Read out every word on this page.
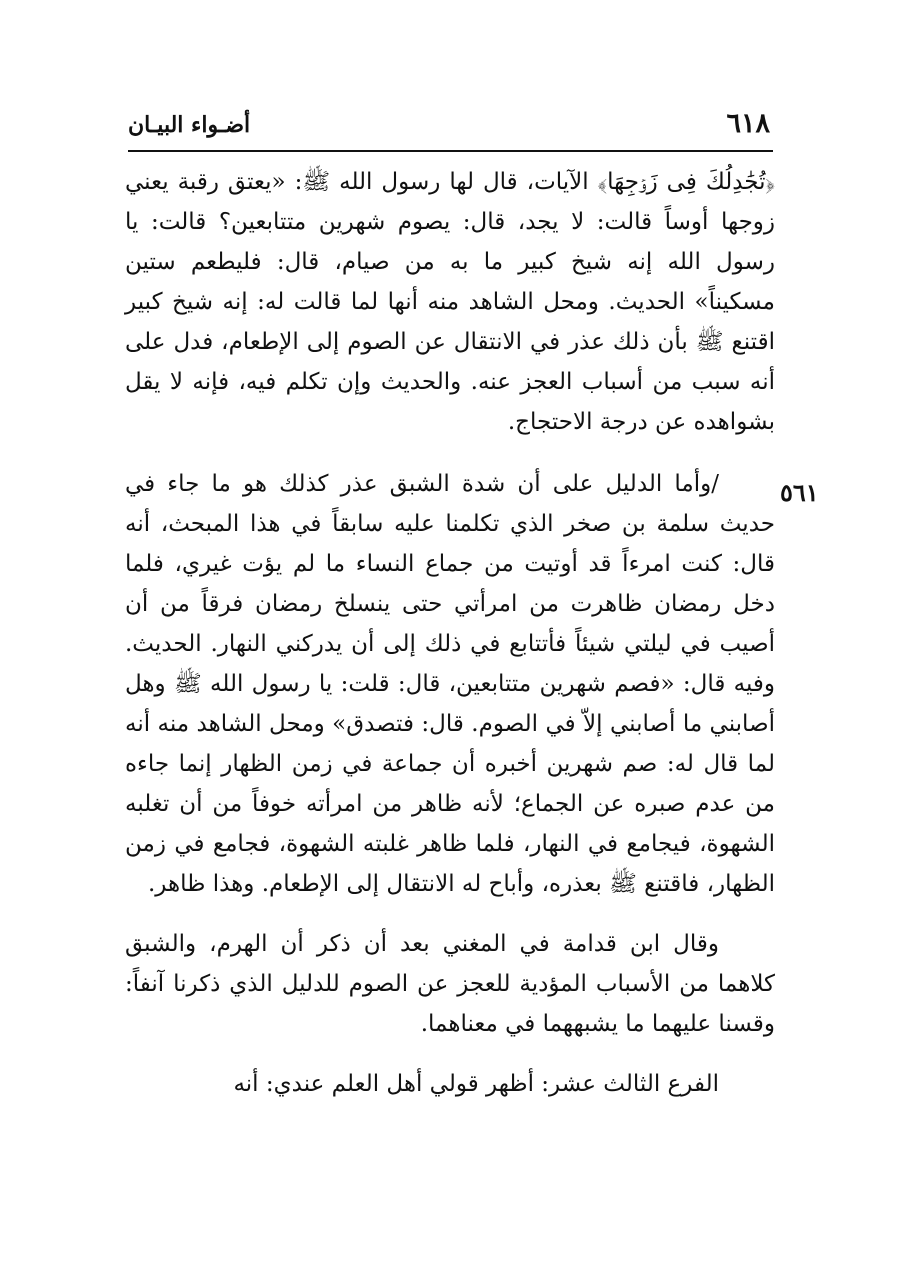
٦١٨
أضـواء البيـان
٥٦١

﴿تُجَٰدِلُكَ فِى زَوۡجِهَا﴾ الآيات، قال لها رسول الله ﷺ: «يعتق رقبة يعني زوجها أوساً قالت: لا يجد، قال: يصوم شهرين متتابعين؟ قالت: يا رسول الله إنه شيخ كبير ما به من صيام، قال: فليطعم ستين مسكيناً» الحديث. ومحل الشاهد منه أنها لما قالت له: إنه شيخ كبير اقتنع ﷺ بأن ذلك عذر في الانتقال عن الصوم إلى الإطعام، فدل على أنه سبب من أسباب العجز عنه. والحديث وإن تكلم فيه، فإنه لا يقل بشواهده عن درجة الاحتجاج.

/وأما الدليل على أن شدة الشبق عذر كذلك هو ما جاء في حديث سلمة بن صخر الذي تكلمنا عليه سابقاً في هذا المبحث، أنه قال: كنت امرءاً قد أوتيت من جماع النساء ما لم يؤت غيري، فلما دخل رمضان ظاهرت من امرأتي حتى ينسلخ رمضان فرقاً من أن أصيب في ليلتي شيئاً فأتتابع في ذلك إلى أن يدركني النهار. الحديث. وفيه قال: «فصم شهرين متتابعين، قال: قلت: يا رسول الله ﷺ وهل أصابني ما أصابني إلاّ في الصوم. قال: فتصدق» ومحل الشاهد منه أنه لما قال له: صم شهرين أخبره أن جماعة في زمن الظهار إنما جاءه من عدم صبره عن الجماع؛ لأنه ظاهر من امرأته خوفاً من أن تغلبه الشهوة، فيجامع في النهار، فلما ظاهر غلبته الشهوة، فجامع في زمن الظهار، فاقتنع ﷺ بعذره، وأباح له الانتقال إلى الإطعام. وهذا ظاهر.

وقال ابن قدامة في المغني بعد أن ذكر أن الهرم، والشبق كلاهما من الأسباب المؤدية للعجز عن الصوم للدليل الذي ذكرنا آنفاً: وقسنا عليهما ما يشبههما في معناهما.

الفرع الثالث عشر: أظهر قولي أهل العلم عندي: أنه
